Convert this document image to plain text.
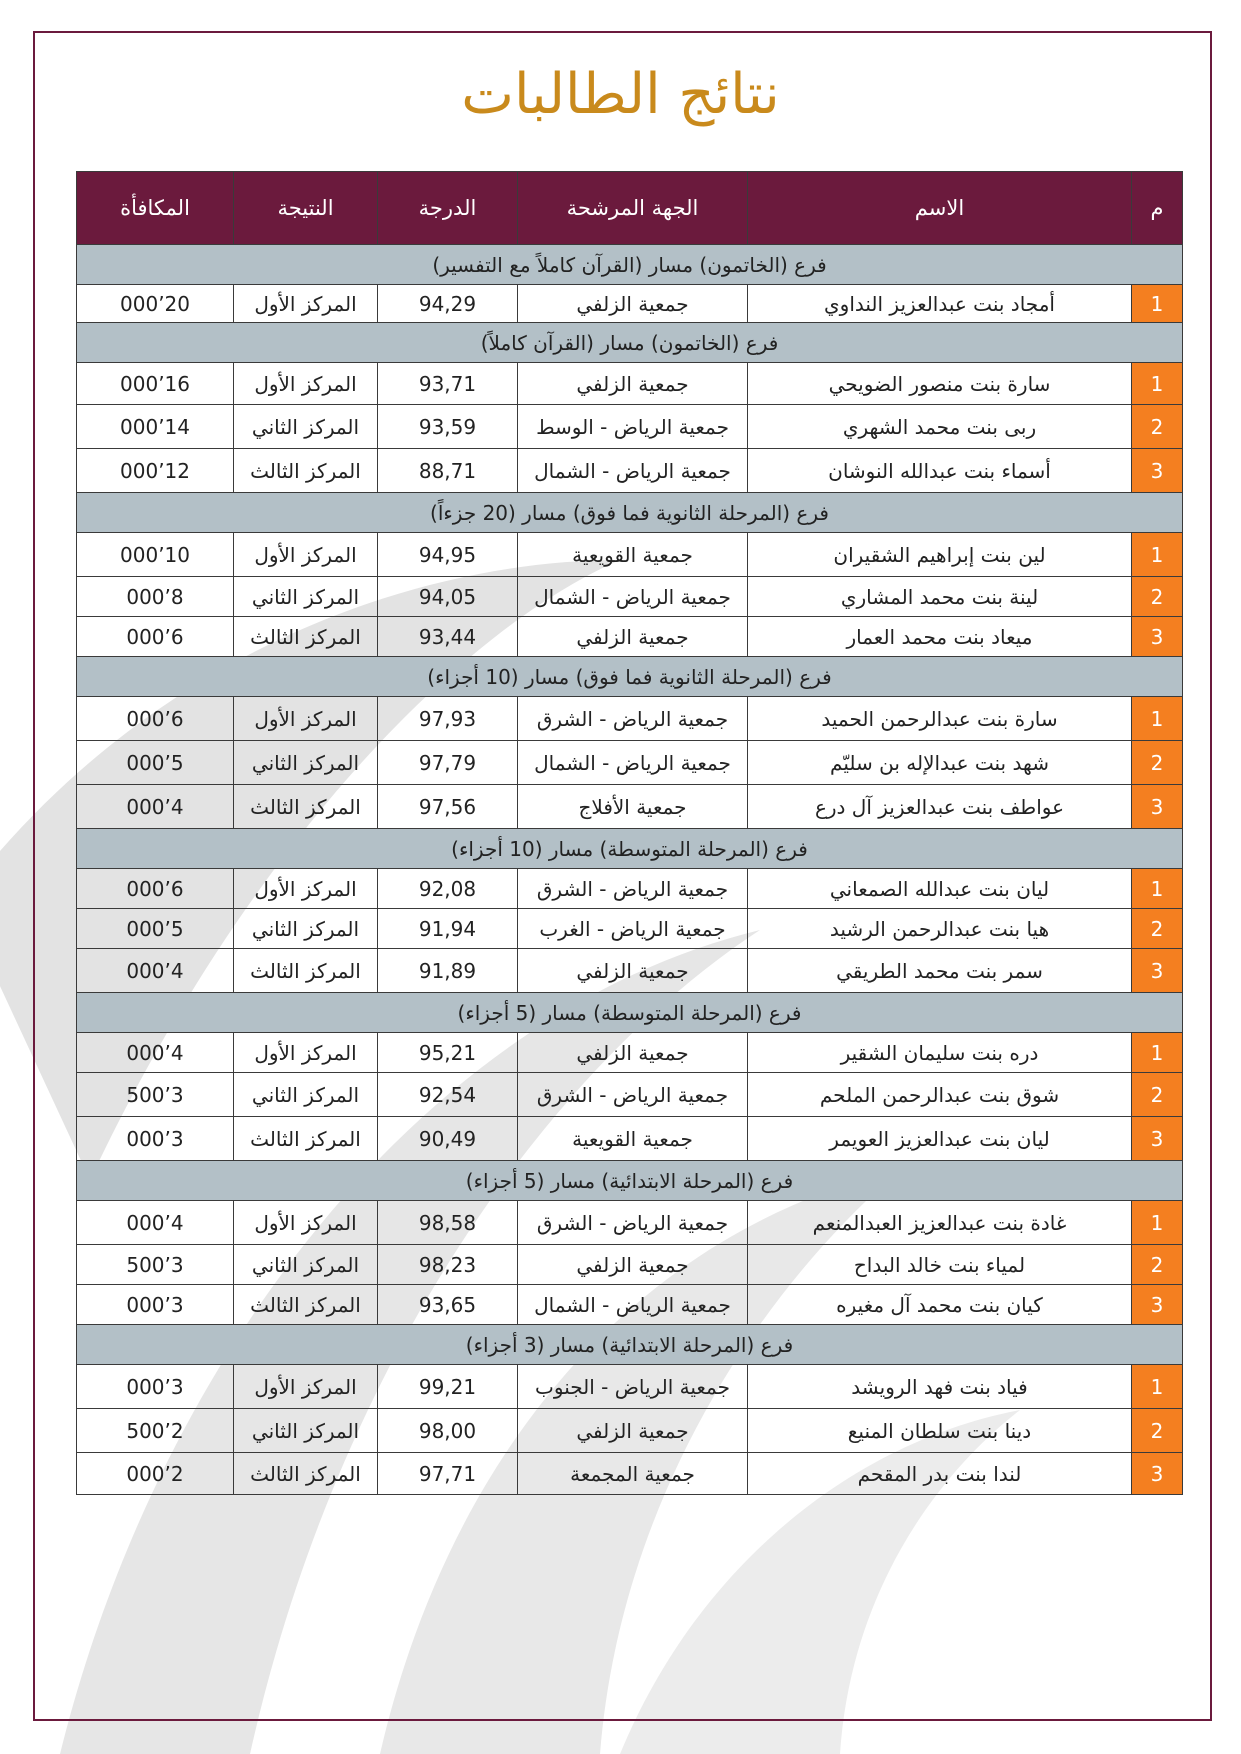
نتائج الطالبات
م	الاسم	الجهة المرشحة	الدرجة	النتيجة	المكافأة
فرع (الخاتمون) مسار (القرآن كاملاً مع التفسير)					
1	أمجاد بنت عبدالعزيز النداوي	جمعية الزلفي	94,29	المركز الأول	20’000
فرع (الخاتمون) مسار (القرآن كاملاً)					
1	سارة بنت منصور الضويحي	جمعية الزلفي	93,71	المركز الأول	16’000
2	ربى بنت محمد الشهري	جمعية الرياض - الوسط	93,59	المركز الثاني	14’000
3	أسماء بنت عبدالله النوشان	جمعية الرياض - الشمال	88,71	المركز الثالث	12’000
فرع (المرحلة الثانوية فما فوق) مسار (20 جزءاً)					
1	لين بنت إبراهيم الشقيران	جمعية القويعية	94,95	المركز الأول	10’000
2	لينة بنت محمد المشاري	جمعية الرياض - الشمال	94,05	المركز الثاني	8’000
3	ميعاد بنت محمد العمار	جمعية الزلفي	93,44	المركز الثالث	6’000
فرع (المرحلة الثانوية فما فوق) مسار (10 أجزاء)					
1	سارة بنت عبدالرحمن الحميد	جمعية الرياض - الشرق	97,93	المركز الأول	6’000
2	شهد بنت عبدالإله بن سليّم	جمعية الرياض - الشمال	97,79	المركز الثاني	5’000
3	عواطف بنت عبدالعزيز آل درع	جمعية الأفلاج	97,56	المركز الثالث	4’000
فرع (المرحلة المتوسطة) مسار (10 أجزاء)					
1	ليان بنت عبدالله الصمعاني	جمعية الرياض - الشرق	92,08	المركز الأول	6’000
2	هيا بنت عبدالرحمن الرشيد	جمعية الرياض - الغرب	91,94	المركز الثاني	5’000
3	سمر بنت محمد الطريقي	جمعية الزلفي	91,89	المركز الثالث	4’000
فرع (المرحلة المتوسطة) مسار (5 أجزاء)					
1	دره بنت سليمان الشقير	جمعية الزلفي	95,21	المركز الأول	4’000
2	شوق بنت عبدالرحمن الملحم	جمعية الرياض - الشرق	92,54	المركز الثاني	3’500
3	ليان بنت عبدالعزيز العويمر	جمعية القويعية	90,49	المركز الثالث	3’000
فرع (المرحلة الابتدائية) مسار (5 أجزاء)					
1	غادة بنت عبدالعزيز العبدالمنعم	جمعية الرياض - الشرق	98,58	المركز الأول	4’000
2	لمياء بنت خالد البداح	جمعية الزلفي	98,23	المركز الثاني	3’500
3	كيان بنت محمد آل مغيره	جمعية الرياض - الشمال	93,65	المركز الثالث	3’000
فرع (المرحلة الابتدائية) مسار (3 أجزاء)					
1	فياد بنت فهد الرويشد	جمعية الرياض - الجنوب	99,21	المركز الأول	3’000
2	دينا بنت سلطان المنيع	جمعية الزلفي	98,00	المركز الثاني	2’500
3	لندا بنت بدر المقحم	جمعية المجمعة	97,71	المركز الثالث	2’000
